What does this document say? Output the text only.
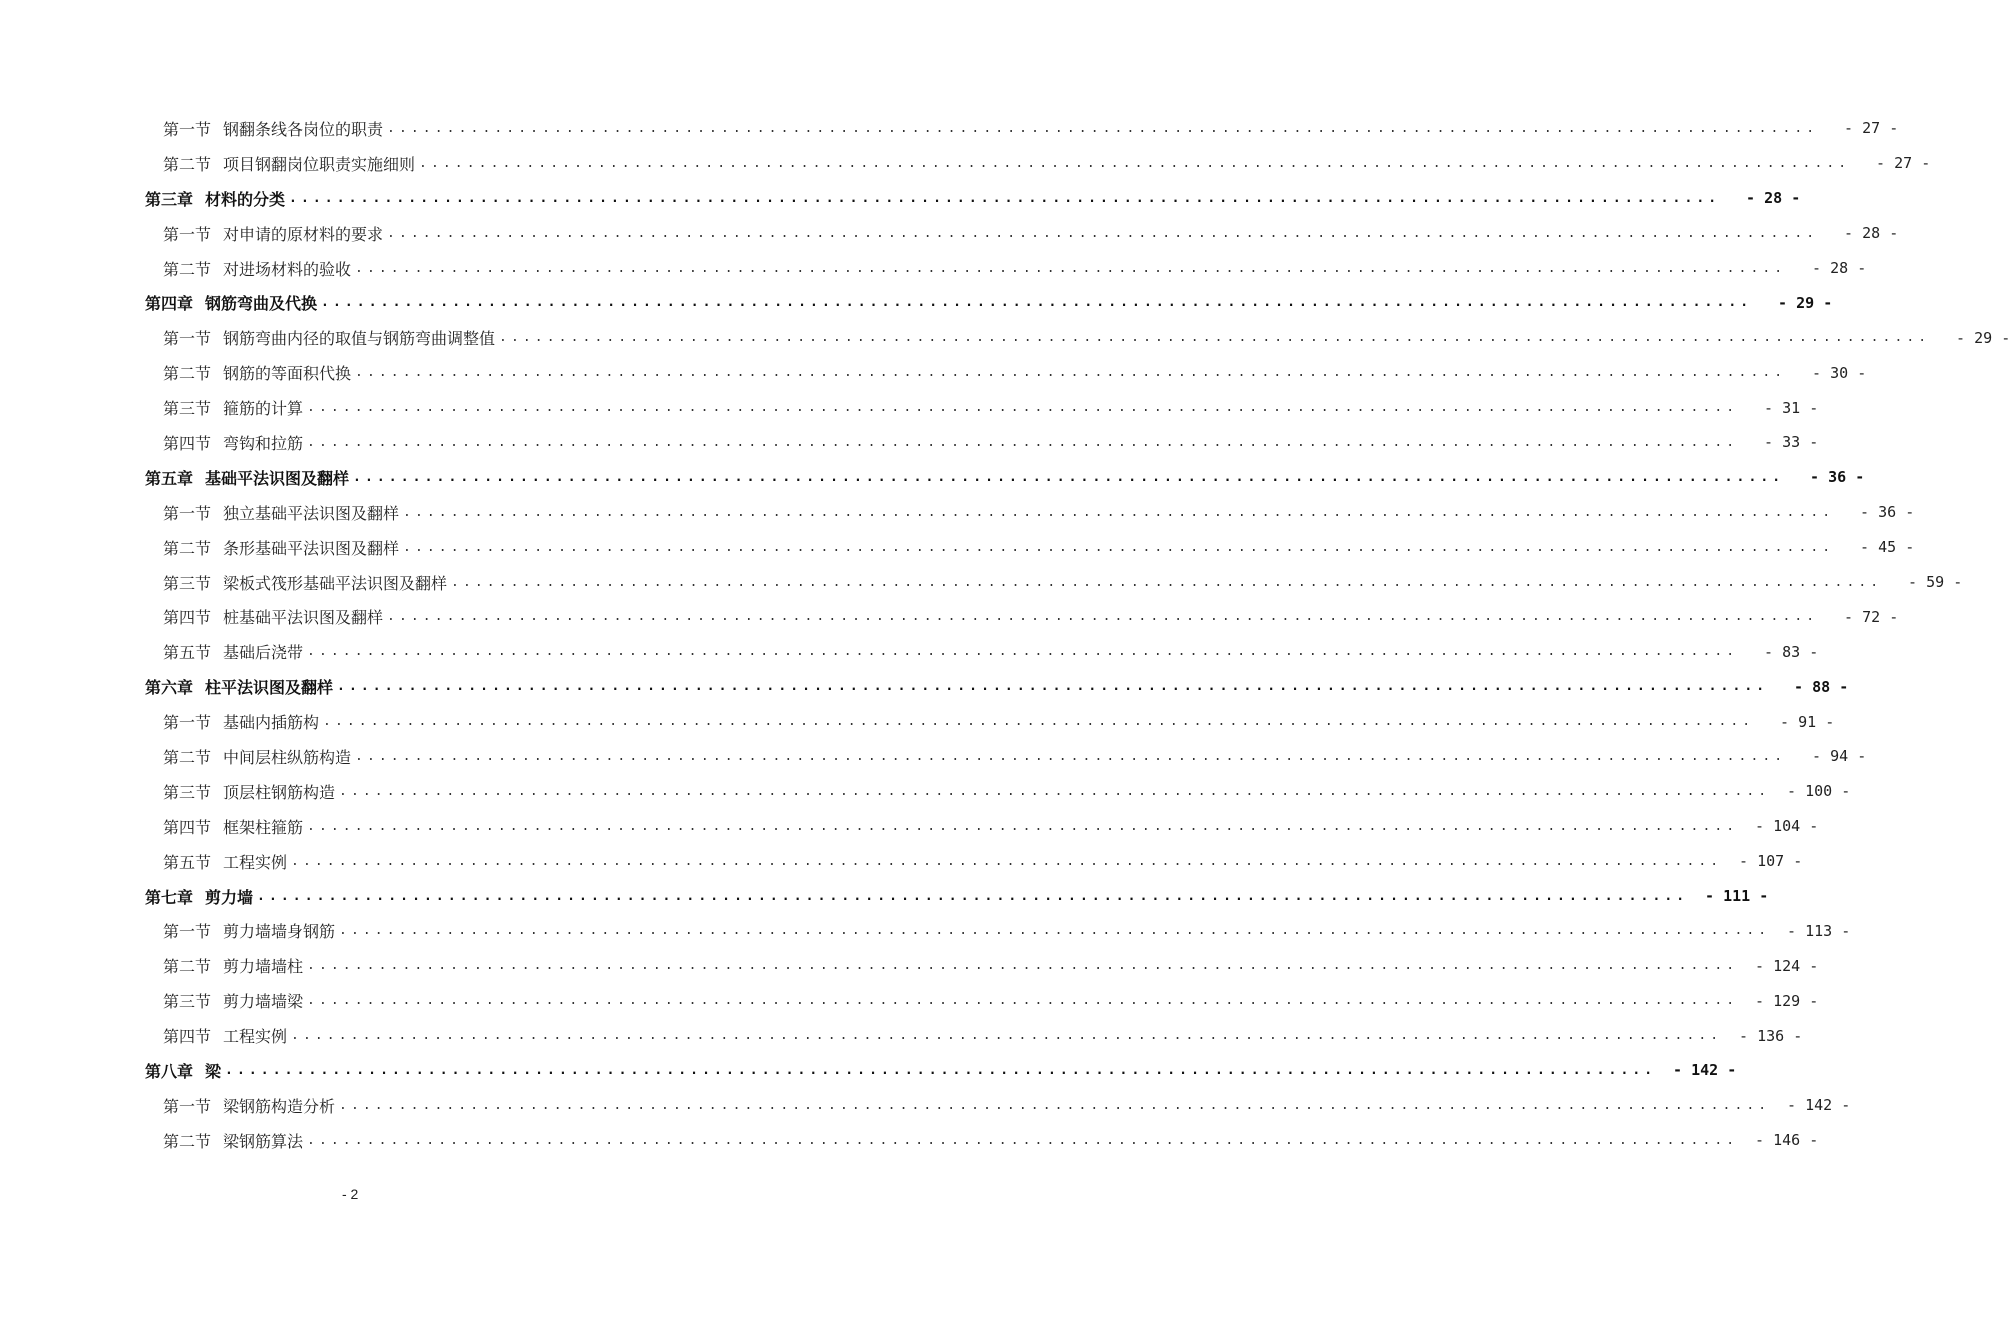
第一节 钢翻条线各岗位的职责 ........................................................................................................................	- 27 -
第二节 项目钢翻岗位职责实施细则 ........................................................................................................................	- 27 -
第三章 材料的分类 ........................................................................................................................	- 28 -
第一节 对申请的原材料的要求 ........................................................................................................................	- 28 -
第二节 对进场材料的验收 ........................................................................................................................	- 28 -
第四章 钢筋弯曲及代换 ........................................................................................................................	- 29 -
第一节 钢筋弯曲内径的取值与钢筋弯曲调整值 ........................................................................................................................	- 29 -
第二节 钢筋的等面积代换 ........................................................................................................................	- 30 -
第三节 箍筋的计算 ........................................................................................................................	- 31 -
第四节 弯钩和拉筋 ........................................................................................................................	- 33 -
第五章 基础平法识图及翻样 ........................................................................................................................	- 36 -
第一节 独立基础平法识图及翻样 ........................................................................................................................	- 36 -
第二节 条形基础平法识图及翻样 ........................................................................................................................	- 45 -
第三节 梁板式筏形基础平法识图及翻样 ........................................................................................................................	- 59 -
第四节 桩基础平法识图及翻样 ........................................................................................................................	- 72 -
第五节 基础后浇带 ........................................................................................................................	- 83 -
第六章 柱平法识图及翻样 ........................................................................................................................	- 88 -
第一节 基础内插筋构 ........................................................................................................................	- 91 -
第二节 中间层柱纵筋构造 ........................................................................................................................	- 94 -
第三节 顶层柱钢筋构造 ........................................................................................................................	- 100 -
第四节 框架柱箍筋 ........................................................................................................................	- 104 -
第五节 工程实例 ........................................................................................................................	- 107 -
第七章 剪力墙 ........................................................................................................................	- 111 -
第一节 剪力墙墙身钢筋 ........................................................................................................................	- 113 -
第二节 剪力墙墙柱 ........................................................................................................................	- 124 -
第三节 剪力墙墙梁 ........................................................................................................................	- 129 -
第四节 工程实例 ........................................................................................................................	- 136 -
第八章 梁 ........................................................................................................................	- 142 -
第一节 梁钢筋构造分析 ........................................................................................................................	- 142 -
第二节 梁钢筋算法 ........................................................................................................................	- 146 -
- 2
